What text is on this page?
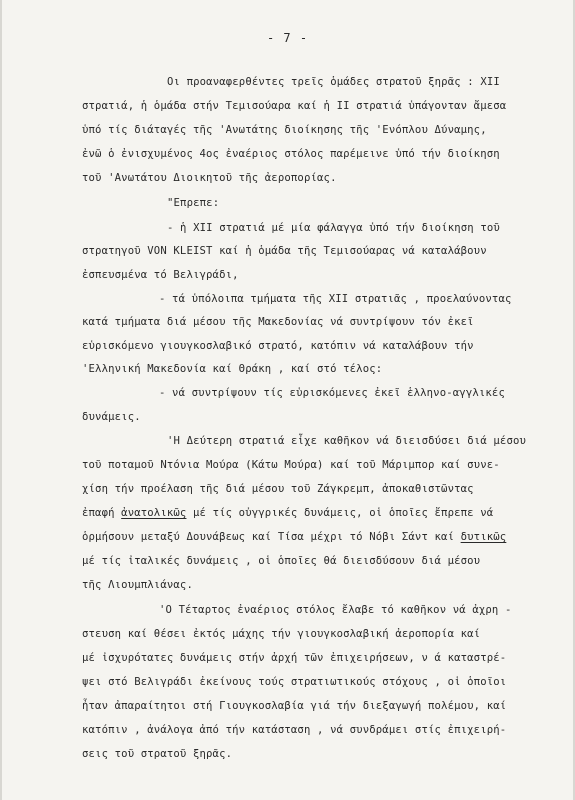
- 7 -
Οι προαναφερθέντες τρεῖς ὁμάδες στρατοῦ ξηρᾶς : XII
στρατιά, ἡ ὁμάδα στήν Τεμισούαρα καί ἡ II στρατιά ὑπάγονταν ἄμεσα
ὑπό τίς διάταγές τῆς 'Ανωτάτης διοίκησης τῆς 'Ενόπλου Δύναμης,
ἐνῶ ὁ ἐνισχυμένος 4ος ἐναέριος στόλος παρέμεινε ὑπό τήν διοίκηση
τοῦ 'Ανωτάτου Διοικητοῦ τῆς ἀεροπορίας.
"Επρεπε:
- ἡ XII στρατιά μέ μία φάλαγγα ὑπό τήν διοίκηση τοῦ
στρατηγοῦ VON KLEIST καί ἡ ὁμάδα τῆς Τεμισούαρας νά καταλάβουν
ἐσπευσμένα τό Βελιγράδι,
- τά ὑπόλοιπα τμήματα τῆς XII στρατιᾶς , προελαύνοντας
κατά τμήματα διά μέσου τῆς Μακεδονίας νά συντρίψουν τόν ἐκεῖ
εὑρισκόμενο γιουγκοσλαβικό στρατό, κατόπιν νά καταλάβουν τήν
'Ελληνική Μακεδονία καί Θράκη , καί στό τέλος:
- νά συντρίψουν τίς εὑρισκόμενες ἐκεῖ ἑλληνο-αγγλικές
δυνάμεις.
'Η Δεύτερη στρατιά εἶχε καθῆκον νά διεισδύσει διά μέσου
τοῦ ποταμοῦ Ντόνια Μούρα (Κάτω Μούρα) καί τοῦ Μάριμπορ καί συνε-
χίση τήν προέλαση τῆς διά μέσου τοῦ Ζάγκρεμπ, ἀποκαθιστῶντας
ἐπαφή ἀνατολικῶς μέ τίς οὐγγρικές δυνάμεις, οἱ ὁποῖες ἔπρεπε νά
ὁρμήσουν μεταξύ Δουνάβεως καί Τίσα μέχρι τό Νόβι Σάντ καί δυτικῶς
μέ τίς ἰταλικές δυνάμεις , οἱ ὁποῖες θά διεισδύσουν διά μέσου
τῆς Λιουμπλιάνας.
'Ο Τέταρτος ἐναέριος στόλος ἔλαβε τό καθῆκον νά ἀχρη -
στευση καί θέσει ἐκτός μάχης τήν γιουγκοσλαβική ἀεροπορία καί
μέ ἰσχυρότατες δυνάμεις στήν ἀρχή τῶν ἐπιχειρήσεων, ν ά καταστρέ-
ψει στό Βελιγράδι ἐκείνους τούς στρατιωτικούς στόχους , οἱ ὁποῖοι
ἦταν ἀπαραίτητοι στή Γιουγκοσλαβία γιά τήν διεξαγωγή πολέμου, καί
κατόπιν , ἀνάλογα ἀπό τήν κατάσταση , νά συνδράμει στίς ἐπιχειρή-
σεις τοῦ στρατοῦ ξηρᾶς.
